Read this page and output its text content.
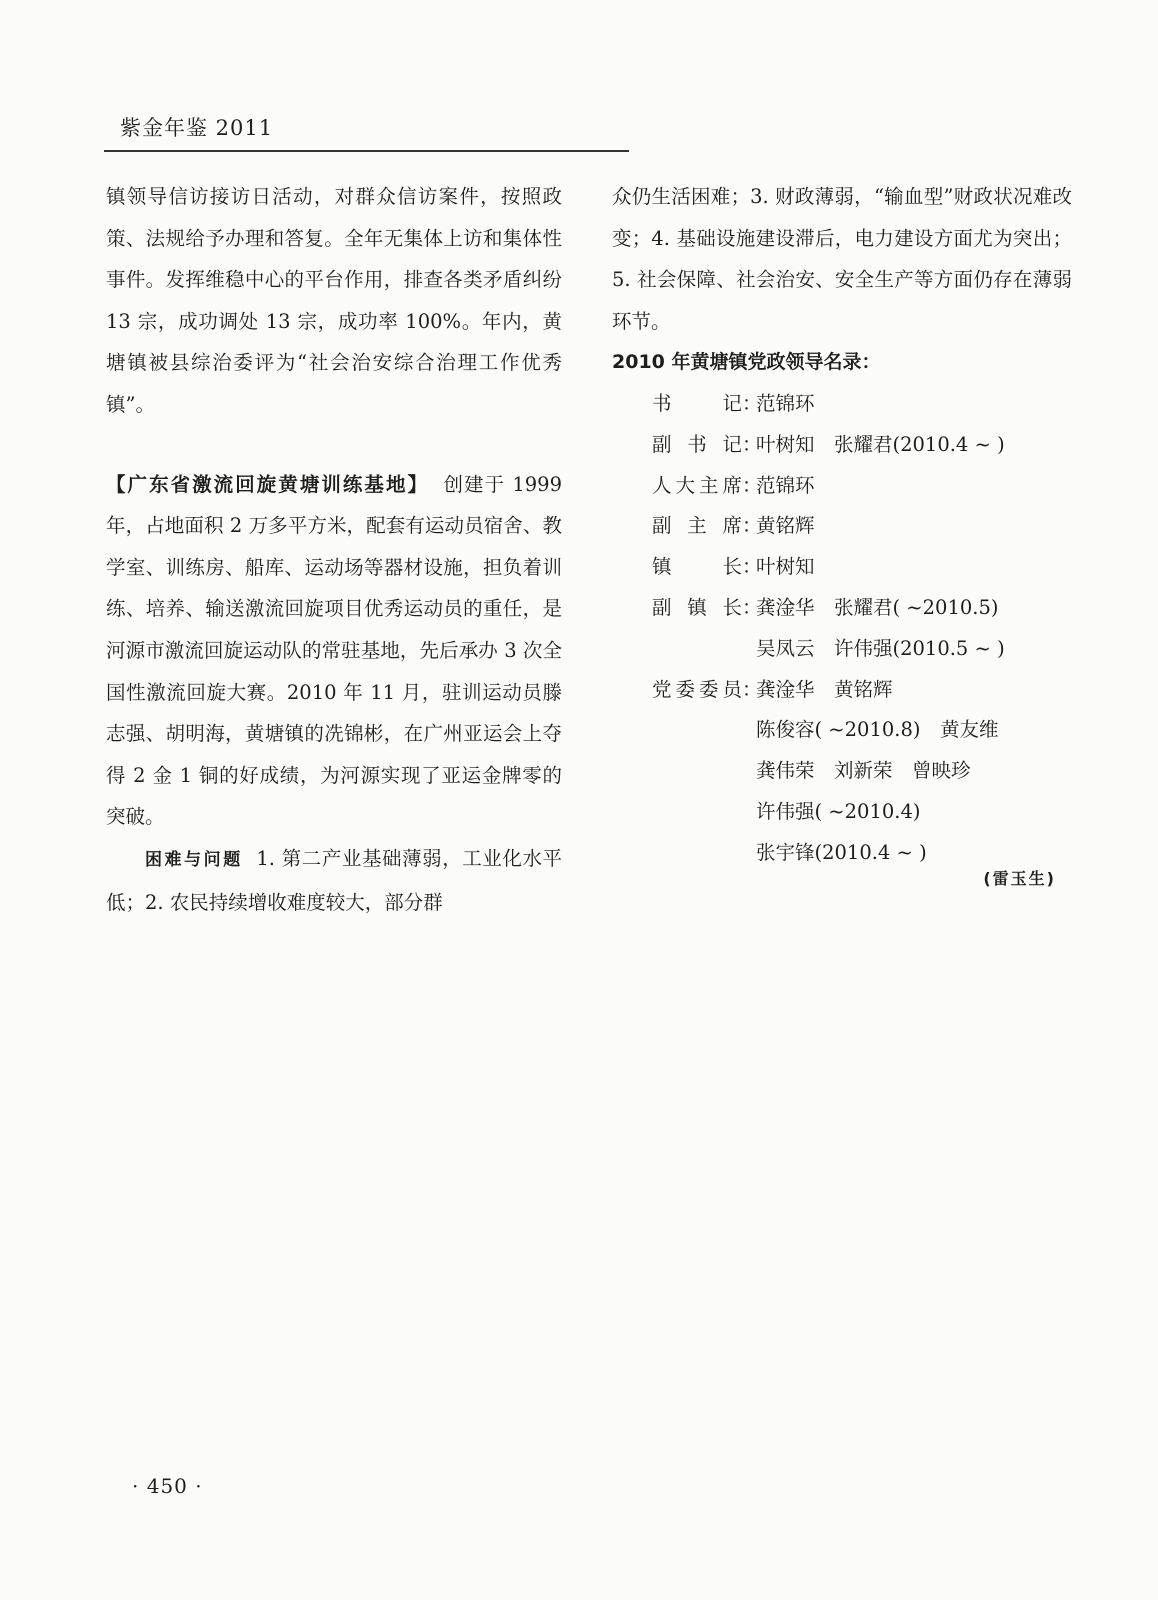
紫金年鉴 2011

镇领导信访接访日活动，对群众信访案件，按照政策、法规给予办理和答复。全年无集体上访和集体性事件。发挥维稳中心的平台作用，排查各类矛盾纠纷 13 宗，成功调处 13 宗，成功率 100%。年内，黄塘镇被县综治委评为“社会治安综合治理工作优秀镇”。

【广东省激流回旋黄塘训练基地】  创建于 1999 年，占地面积 2 万多平方米，配套有运动员宿舍、教学室、训练房、船库、运动场等器材设施，担负着训练、培养、输送激流回旋项目优秀运动员的重任，是河源市激流回旋运动队的常驻基地，先后承办 3 次全国性激流回旋大赛。2010 年 11 月，驻训运动员滕志强、胡明海，黄塘镇的冼锦彬，在广州亚运会上夺得 2 金 1 铜的好成绩，为河源实现了亚运金牌零的突破。

困难与问题  1. 第二产业基础薄弱，工业化水平低；2. 农民持续增收难度较大，部分群

众仍生活困难；3. 财政薄弱，“输血型”财政状况难改变；4. 基础设施建设滞后，电力建设方面尤为突出；5. 社会保障、社会治安、安全生产等方面仍存在薄弱环节。

2010 年黄塘镇党政领导名录：

书　　记 ：
范锦环
副 书 记 ：
叶树知　张耀君(2010.4 ~ )
人大主席 ：
范锦环
副 主 席 ：
黄铭辉
镇　　长 ：
叶树知
副 镇 长 ：
龚淦华　张耀君( ~2010.5)
吴凤云　许伟强(2010.5 ~ )
党委委员 ：
龚淦华　黄铭辉
陈俊容( ~2010.8)　黄友维
龚伟荣　刘新荣　曾映珍
许伟强( ~2010.4)
张宇锋(2010.4 ~ )
(雷玉生)
· 450 ·
